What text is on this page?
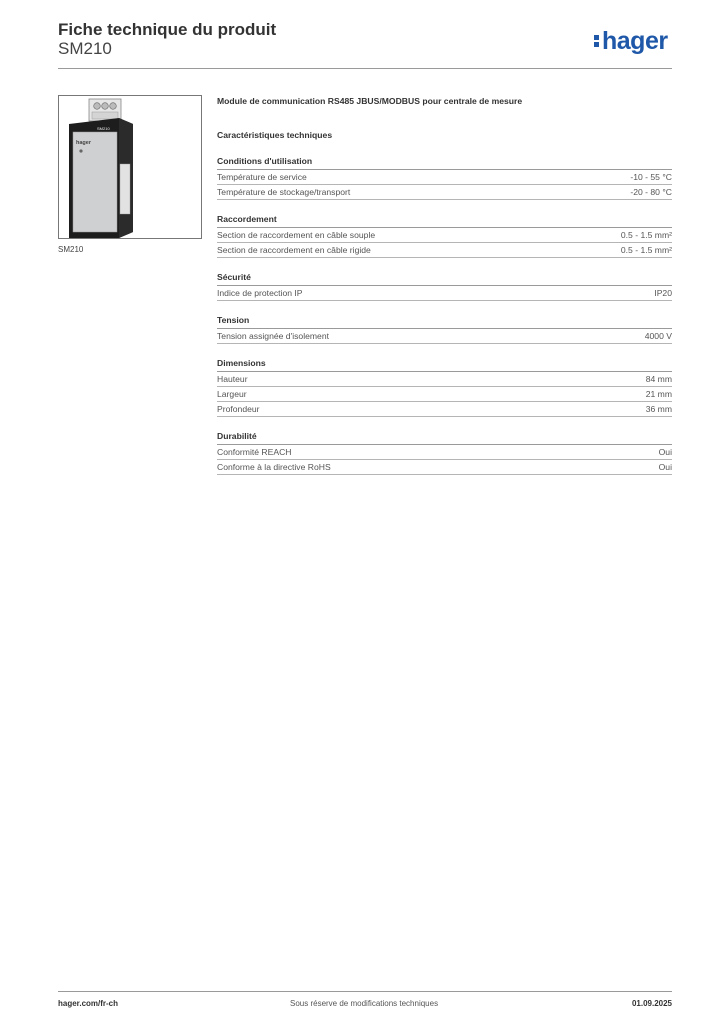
Fiche technique du produit
SM210	hager
hager
SM210
SM210
Module de communication RS485 JBUS/MODBUS pour centrale de mesure
Caractéristiques techniques
Conditions d'utilisation
Température de service	-10 - 55 °C
Température de stockage/transport	-20 - 80 °C
Raccordement
Section de raccordement en câble souple	0.5 - 1.5 mm²
Section de raccordement en câble rigide	0.5 - 1.5 mm²
Sécurité
Indice de protection IP	IP20
Tension
Tension assignée d'isolement	4000 V
Dimensions
Hauteur	84 mm
Largeur	21 mm
Profondeur	36 mm
Durabilité
Conformité REACH	Oui
Conforme à la directive RoHS	Oui
hager.com/fr-ch	Sous réserve de modifications techniques	01.09.2025
